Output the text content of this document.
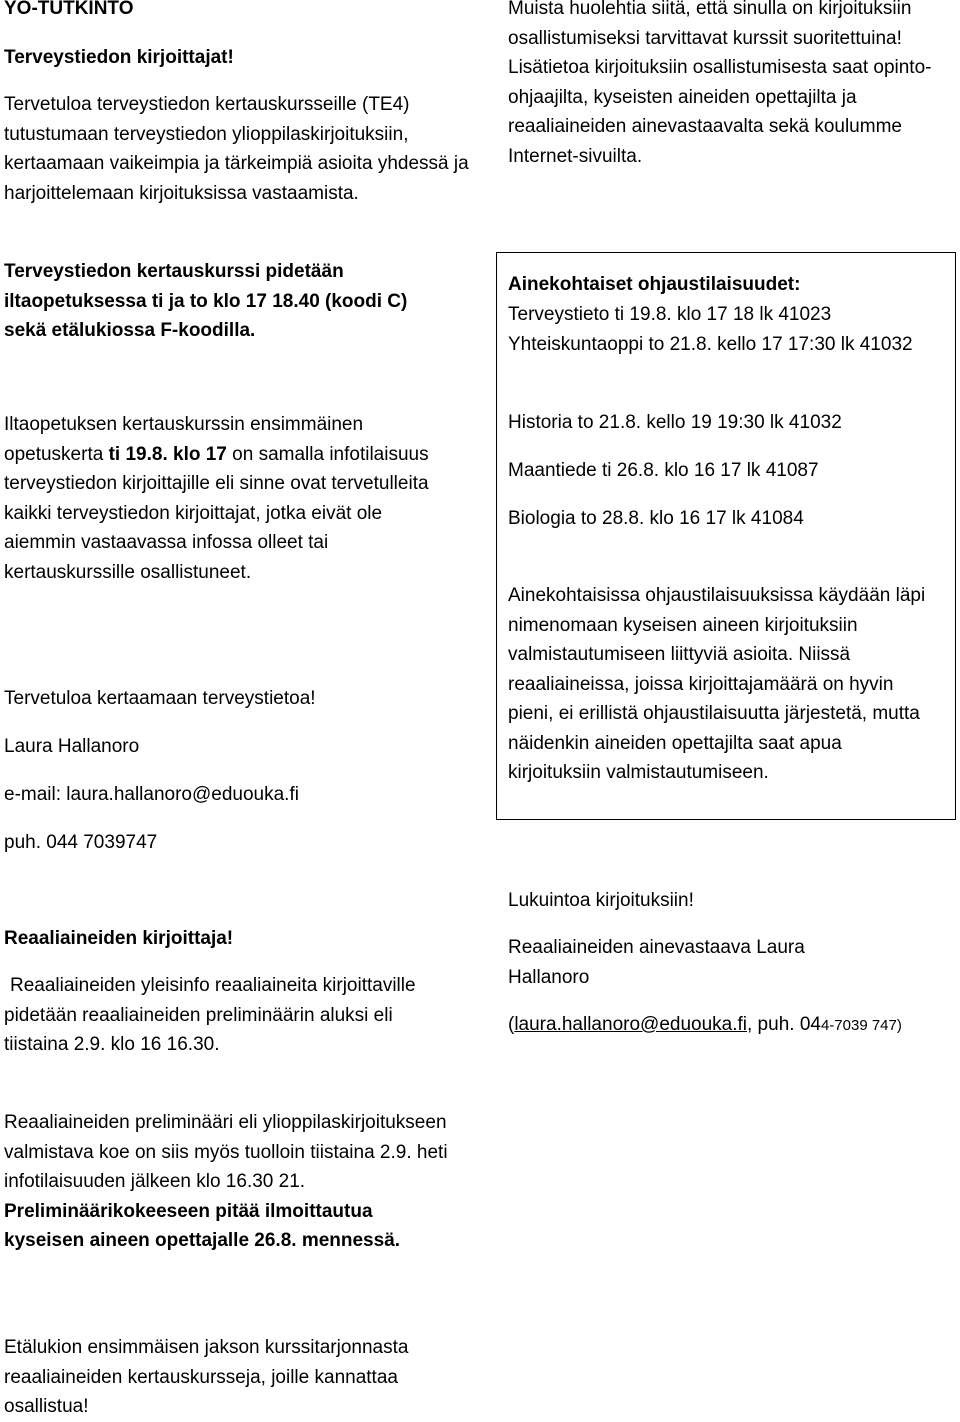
YO-TUTKINTO
Terveystiedon kirjoittajat!
Tervetuloa terveystiedon kertauskursseille (TE4) tutustumaan terveystiedon ylioppilaskirjoituksiin, kertaamaan vaikeimpia ja tärkeimpiä asioita yhdessä ja harjoittelemaan kirjoituksissa vastaamista.
Terveystiedon kertauskurssi pidetään iltaopetuksessa ti ja to klo 17 18.40 (koodi C) sekä etälukiossa F-koodilla.
Iltaopetuksen kertauskurssin ensimmäinen opetuskerta ti 19.8. klo 17 on samalla infotilaisuus terveystiedon kirjoittajille eli sinne ovat tervetulleita kaikki terveystiedon kirjoittajat, jotka eivät ole aiemmin vastaavassa infossa olleet tai kertauskurssille osallistuneet.
Tervetuloa kertaamaan terveystietoa!
Laura Hallanoro
e-mail: laura.hallanoro@eduouka.fi
puh. 044 7039747
Reaaliaineiden kirjoittaja!
Reaaliaineiden yleisinfo reaaliaineita kirjoittaville pidetään reaaliaineiden preliminäärin aluksi eli tiistaina 2.9. klo 16 16.30.
Reaaliaineiden preliminääri eli ylioppilaskirjoitukseen valmistava koe on siis myös tuolloin tiistaina 2.9. heti infotilaisuuden jälkeen klo 16.30 21. Preliminäärikokeeseen pitää ilmoittautua kyseisen aineen opettajalle 26.8. mennessä.
Etälukion ensimmäisen jakson kurssitarjonnasta reaaliaineiden kertauskursseja, joille kannattaa osallistua!
Muista huolehtia siitä, että sinulla on kirjoituksiin osallistumiseksi tarvittavat kurssit suoritettuina! Lisätietoa kirjoituksiin osallistumisesta saat opinto-ohjaajilta, kyseisten aineiden opettajilta ja reaaliaineiden ainevastaavalta sekä koulumme Internet-sivuilta.
Ainekohtaiset ohjaustilaisuudet:
Terveystieto ti 19.8. klo 17 18 lk 41023
Yhteiskuntaoppi to 21.8. kello 17 17:30 lk 41032
Historia to 21.8. kello 19 19:30 lk 41032
Maantiede ti 26.8. klo 16 17 lk 41087
Biologia to 28.8. klo 16 17 lk 41084
Ainekohtaisissa ohjaustilaisuuksissa käydään läpi nimenomaan kyseisen aineen kirjoituksiin valmistautumiseen liittyviä asioita. Niissä reaaliaineissa, joissa kirjoittajamäärä on hyvin pieni, ei erillistä ohjaustilaisuutta järjestetä, mutta näidenkin aineiden opettajilta saat apua kirjoituksiin valmistautumiseen.
Lukuintoa kirjoituksiin!
Reaaliaineiden ainevastaava Laura Hallanoro
(laura.hallanoro@eduouka.fi, puh. 044-7039 747)
